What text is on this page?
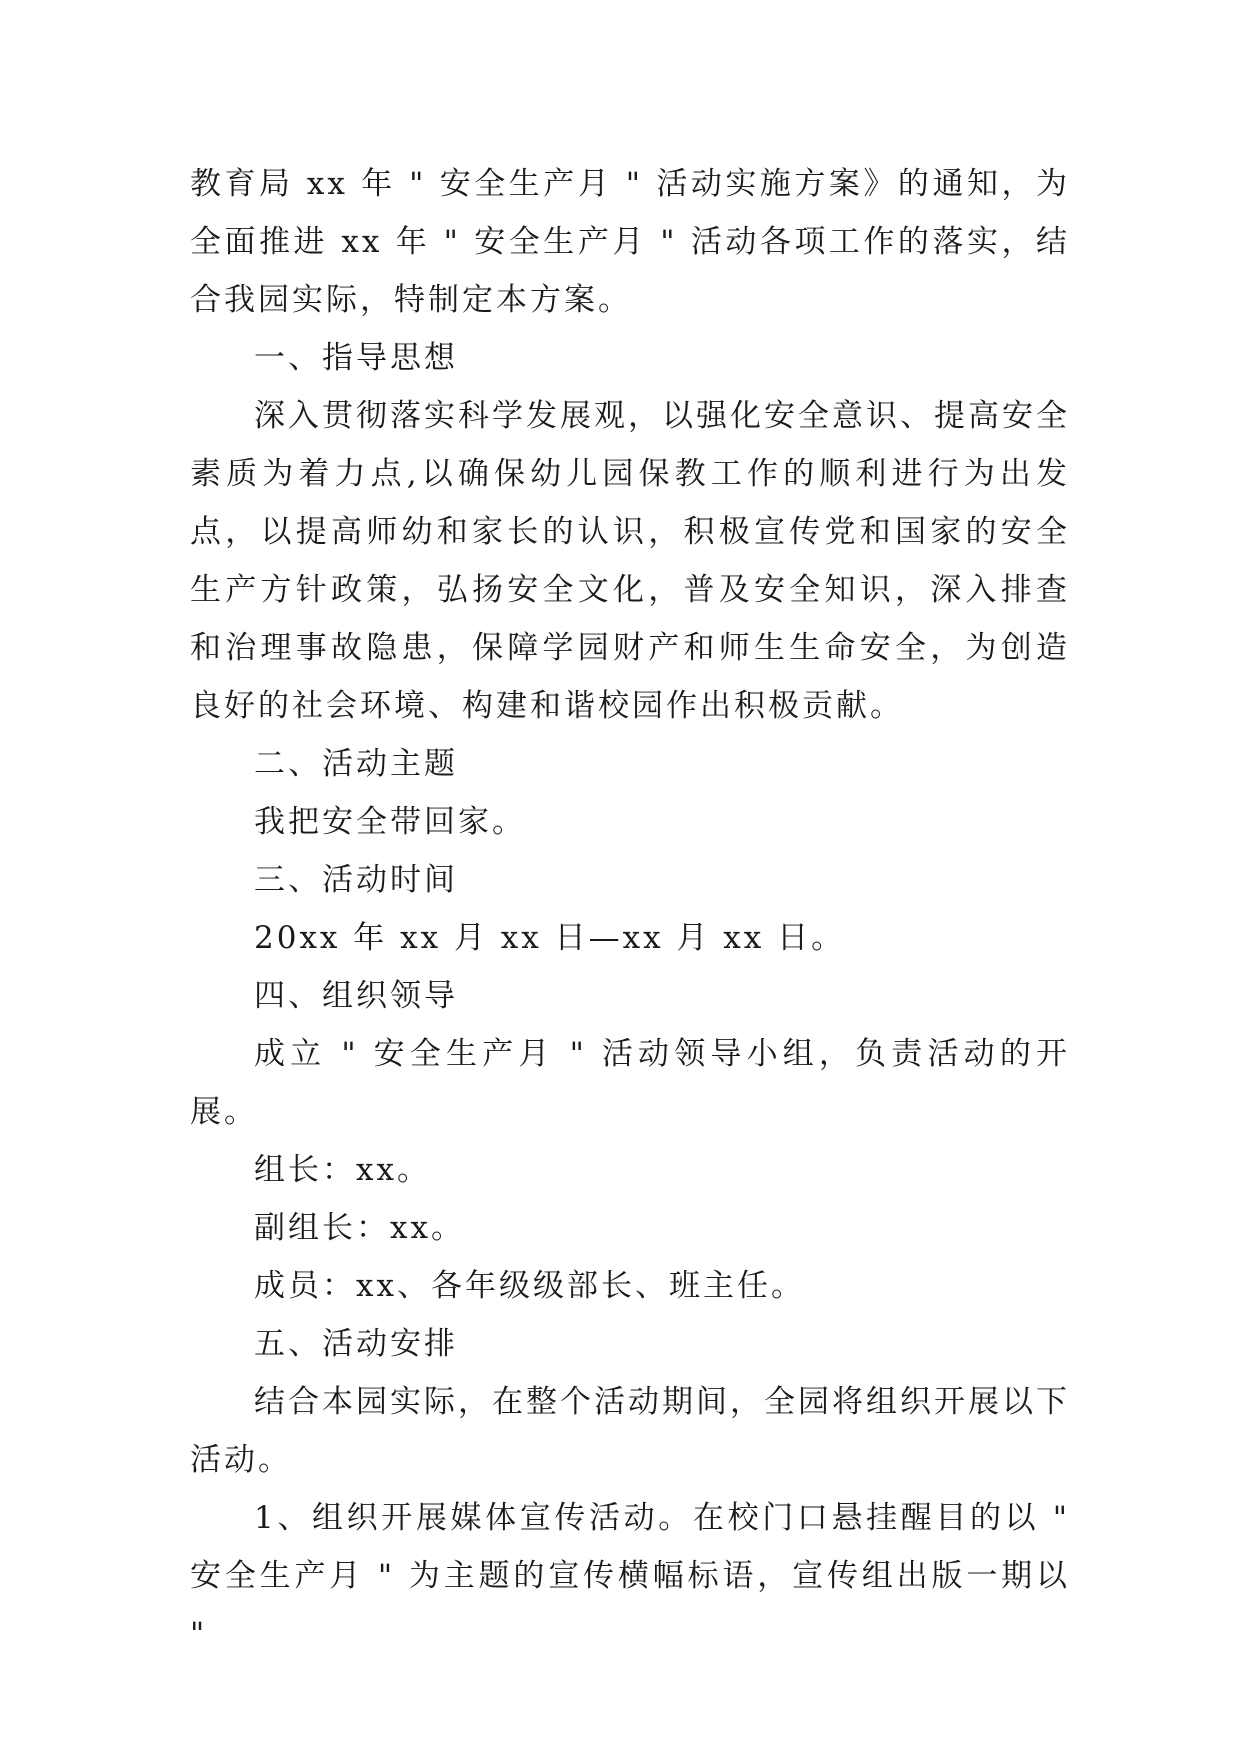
教育局 xx 年 " 安全生产月 " 活动实施方案》的通知，为全面推进 xx 年 " 安全生产月 " 活动各项工作的落实，结合我园实际，特制定本方案。

一、指导思想

深入贯彻落实科学发展观，以强化安全意识、提高安全素质为着力点,以确保幼儿园保教工作的顺利进行为出发点，以提高师幼和家长的认识，积极宣传党和国家的安全生产方针政策，弘扬安全文化，普及安全知识，深入排查和治理事故隐患，保障学园财产和师生生命安全，为创造良好的社会环境、构建和谐校园作出积极贡献。

二、活动主题

我把安全带回家。

三、活动时间

20xx 年 xx 月 xx 日—xx 月 xx 日。

四、组织领导

成立 " 安全生产月 " 活动领导小组，负责活动的开展。

组长：xx。

副组长：xx。

成员：xx、各年级级部长、班主任。

五、活动安排

结合本园实际，在整个活动期间，全园将组织开展以下活动。

1、组织开展媒体宣传活动。在校门口悬挂醒目的以 " 安全生产月 " 为主题的宣传横幅标语，宣传组出版一期以 "
